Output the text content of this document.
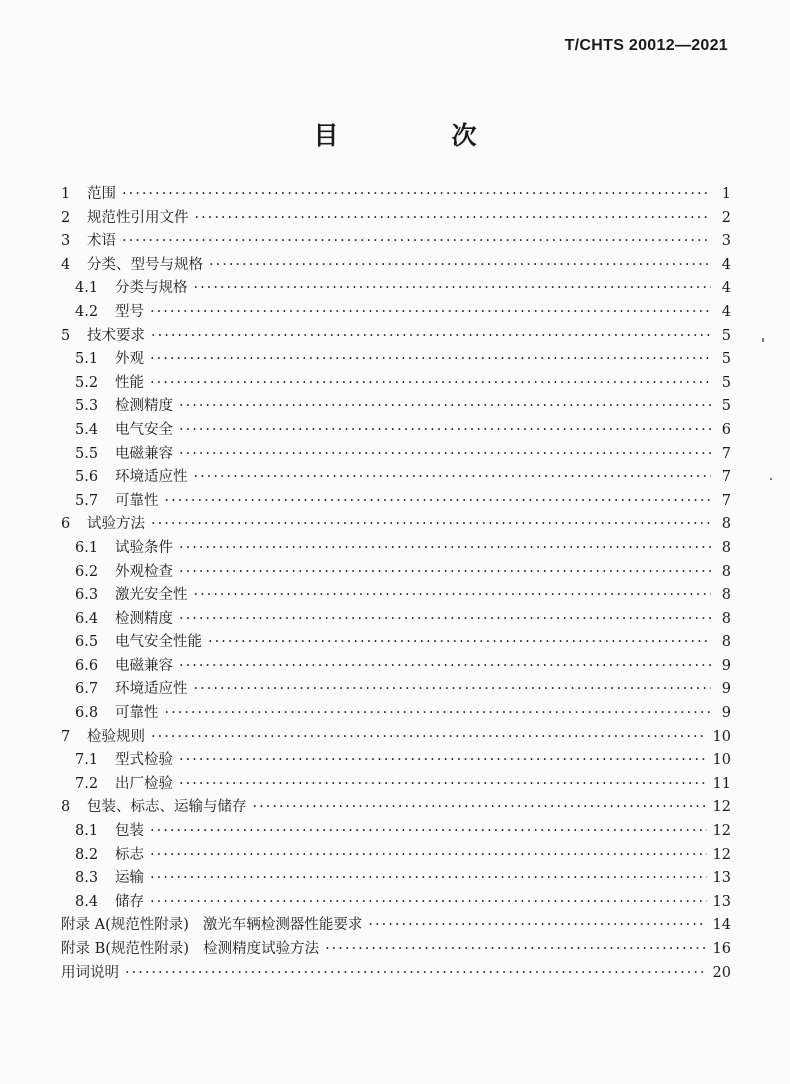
T/CHTS 20012—2021
目　次
1	范围 ·····	1
2	规范性引用文件 ·····	2
3	术语 ·····	3
4	分类、型号与规格 ·····	4
4.1	分类与规格 ·····	4
4.2	型号 ·····	4
5	技术要求 ·····	5
5.1	外观 ·····	5
5.2	性能 ·····	5
5.3	检测精度 ·····	5
5.4	电气安全 ·····	6
5.5	电磁兼容 ·····	7
5.6	环境适应性 ·····	7
5.7	可靠性 ·····	7
6	试验方法 ·····	8
6.1	试验条件 ·····	8
6.2	外观检查 ·····	8
6.3	激光安全性 ·····	8
6.4	检测精度 ·····	8
6.5	电气安全性能 ·····	8
6.6	电磁兼容 ·····	9
6.7	环境适应性 ·····	9
6.8	可靠性 ·····	9
7	检验规则 ·····	10
7.1	型式检验 ·····	10
7.2	出厂检验 ·····	11
8	包装、标志、运输与储存 ·····	12
8.1	包装 ·····	12
8.2	标志 ·····	12
8.3	运输 ·····	13
8.4	储存 ·····	13
附录 A(规范性附录) 激光车辆检测器性能要求 ·····	14
附录 B(规范性附录) 检测精度试验方法 ·····	16
用词说明 ·····	20
